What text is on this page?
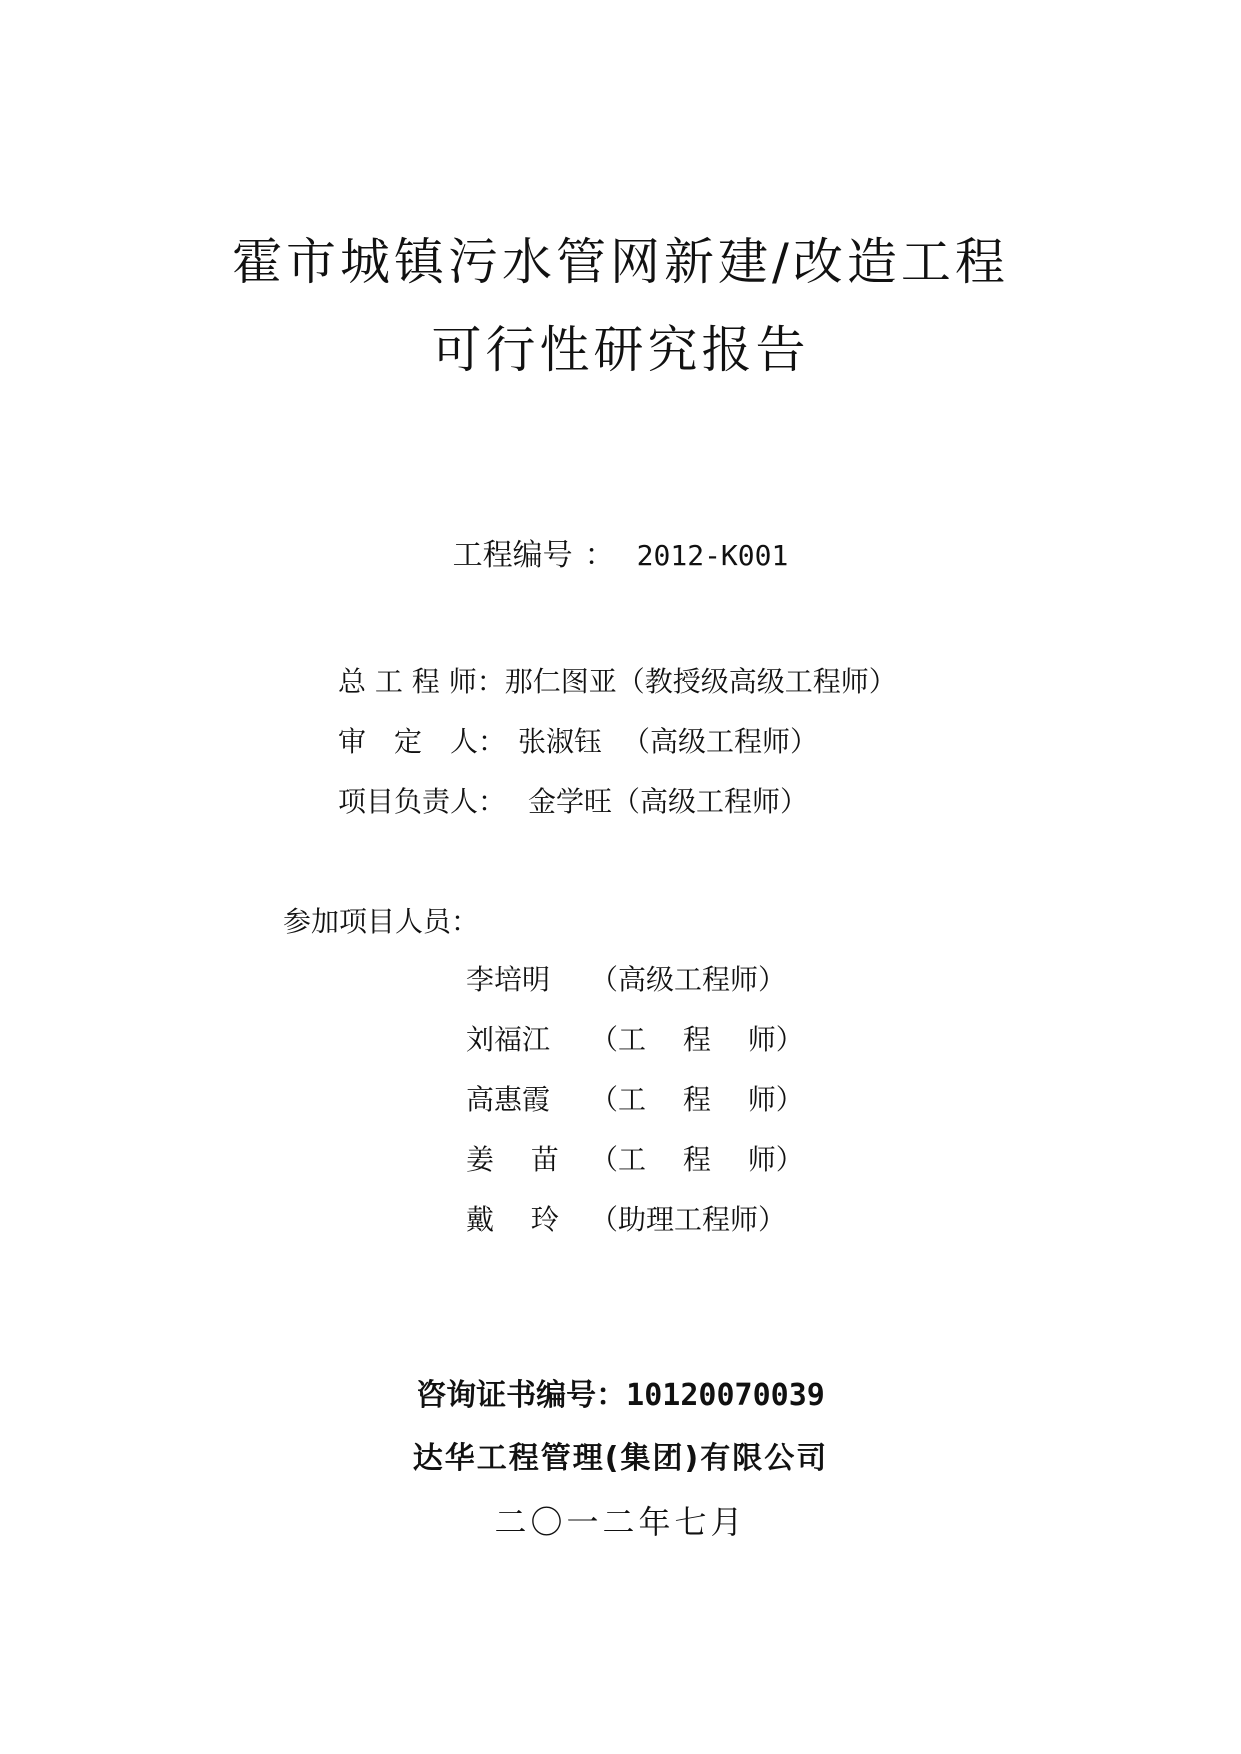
霍市城镇污水管网新建/改造工程
可行性研究报告
工程编号 ： 2012-K001
总 工 程 师：那仁图亚（教授级高级工程师）
审　定　人： 张淑钰 （高级工程师）
项目负责人： 金学旺（高级工程师）
参加项目人员：
李培明 （高级工程师）
刘福江 （工　 程　 师）
高惠霞 （工　 程　 师）
姜　 苗 （工　 程　 师）
戴　 玲 （助理工程师）
咨询证书编号：10120070039
达华工程管理(集团)有限公司
二〇一二年七月
